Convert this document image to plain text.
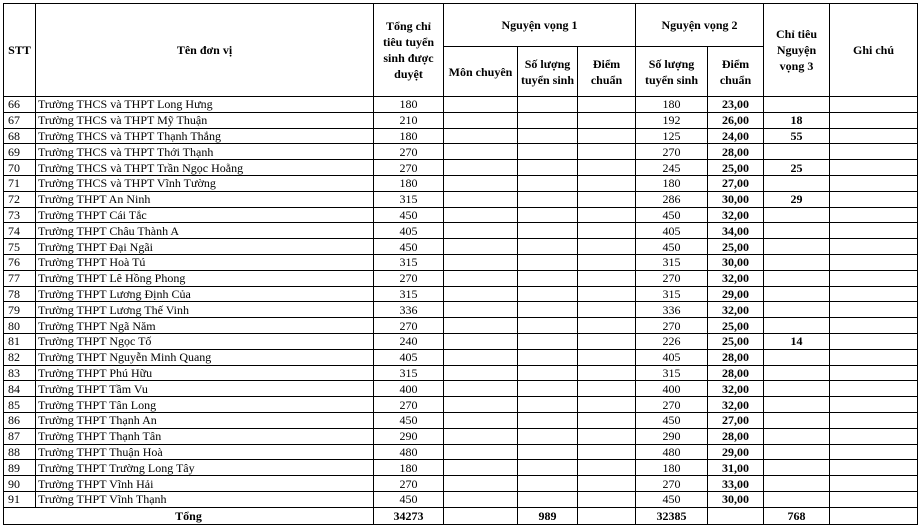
STT	Tên đơn vị	Tổng chỉ tiêu tuyển sinh được duyệt	Nguyện vọng 1			Nguyện vọng 2		Chỉ tiêu Nguyện vọng 3	Ghi chú
			Môn chuyên	Số lượng tuyển sinh	Điểm chuẩn	Số lượng tuyển sinh	Điểm chuẩn		
66	Trường THCS và THPT Long Hưng	180				180	23,00		
67	Trường THCS và THPT Mỹ Thuận	210				192	26,00	18	
68	Trường THCS và THPT Thạnh Thắng	180				125	24,00	55	
69	Trường THCS và THPT Thới Thạnh	270				270	28,00		
70	Trường THCS và THPT Trần Ngọc Hoằng	270				245	25,00	25	
71	Trường THCS và THPT Vĩnh Tường	180				180	27,00		
72	Trường THPT An Ninh	315				286	30,00	29	
73	Trường THPT Cái Tắc	450				450	32,00		
74	Trường THPT Châu Thành A	405				405	34,00		
75	Trường THPT Đại Ngãi	450				450	25,00		
76	Trường THPT Hoà Tú	315				315	30,00		
77	Trường THPT Lê Hồng Phong	270				270	32,00		
78	Trường THPT Lương Định Của	315				315	29,00		
79	Trường THPT Lương Thế Vinh	336				336	32,00		
80	Trường THPT Ngã Năm	270				270	25,00		
81	Trường THPT Ngọc Tố	240				226	25,00	14	
82	Trường THPT Nguyễn Minh Quang	405				405	28,00		
83	Trường THPT Phú Hữu	315				315	28,00		
84	Trường THPT Tầm Vu	400				400	32,00		
85	Trường THPT Tân Long	270				270	32,00		
86	Trường THPT Thạnh An	450				450	27,00		
87	Trường THPT Thạnh Tân	290				290	28,00		
88	Trường THPT Thuận Hoà	480				480	29,00		
89	Trường THPT Trường Long Tây	180				180	31,00		
90	Trường THPT Vĩnh Hải	270				270	33,00		
91	Trường THPT Vĩnh Thạnh	450				450	30,00		
Tổng		34273		989		32385		768	
